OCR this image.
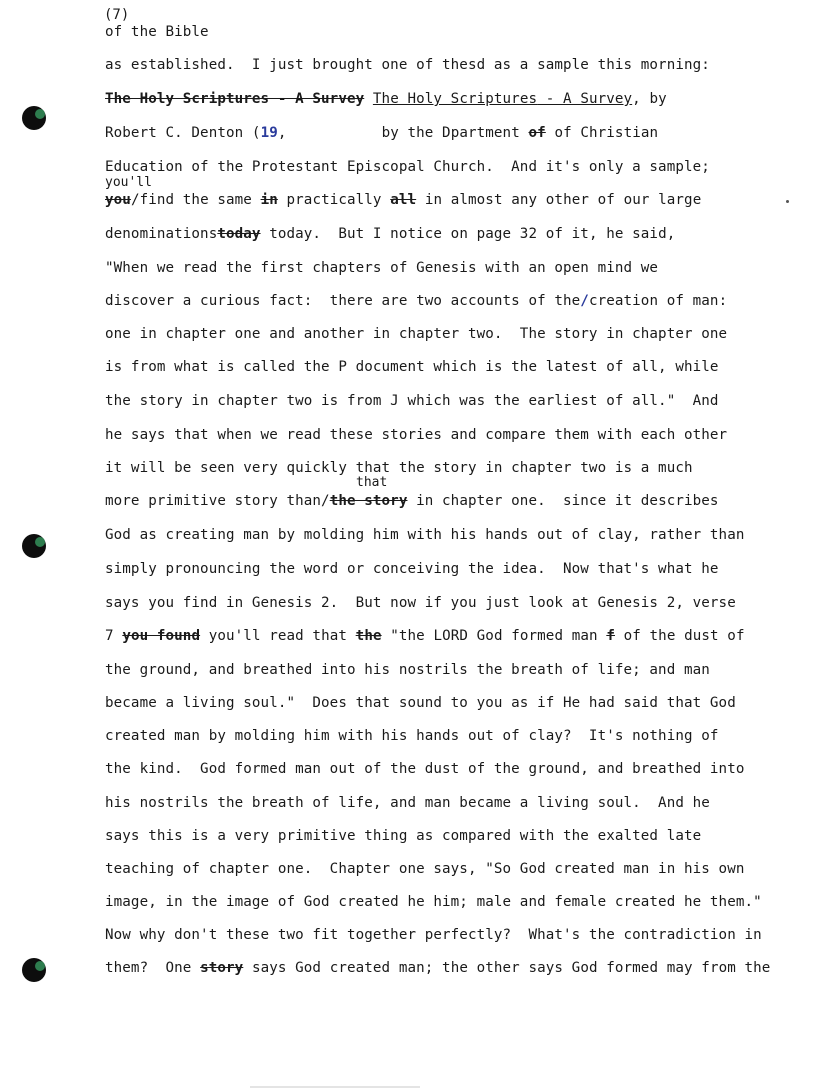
(7)
of the Bible
as established.  I just brought one of thesd as a sample this morning:
The Holy Scriptures - A Survey The Holy Scriptures - A Survey, by
Robert C. Denton (19,           by the Dpartment of of Christian
Education of the Protestant Episcopal Church.  And it's only a sample;
you'll
you/find the same in practically all in almost any other of our large
denominationstoday today.  But I notice on page 32 of it, he said,
"When we read the first chapters of Genesis with an open mind we
discover a curious fact:  there are two accounts of the/creation of man:
one in chapter one and another in chapter two.  The story in chapter one
is from what is called the P document which is the latest of all, while
the story in chapter two is from J which was the earliest of all."  And
he says that when we read these stories and compare them with each other
it will be seen very quickly that the story in chapter two is a much
that
more primitive story than/the story in chapter one.  since it describes
God as creating man by molding him with his hands out of clay, rather than
simply pronouncing the word or conceiving the idea.  Now that's what he
says you find in Genesis 2.  But now if you just look at Genesis 2, verse
7 you found you'll read that the "the LORD God formed man f of the dust of
the ground, and breathed into his nostrils the breath of life; and man
became a living soul."  Does that sound to you as if He had said that God
created man by molding him with his hands out of clay?  It's nothing of
the kind.  God formed man out of the dust of the ground, and breathed into
his nostrils the breath of life, and man became a living soul.  And he
says this is a very primitive thing as compared with the exalted late
teaching of chapter one.  Chapter one says, "So God created man in his own
image, in the image of God created he him; male and female created he them."
Now why don't these two fit together perfectly?  What's the contradiction in
them?  One story says God created man; the other says God formed may from the
